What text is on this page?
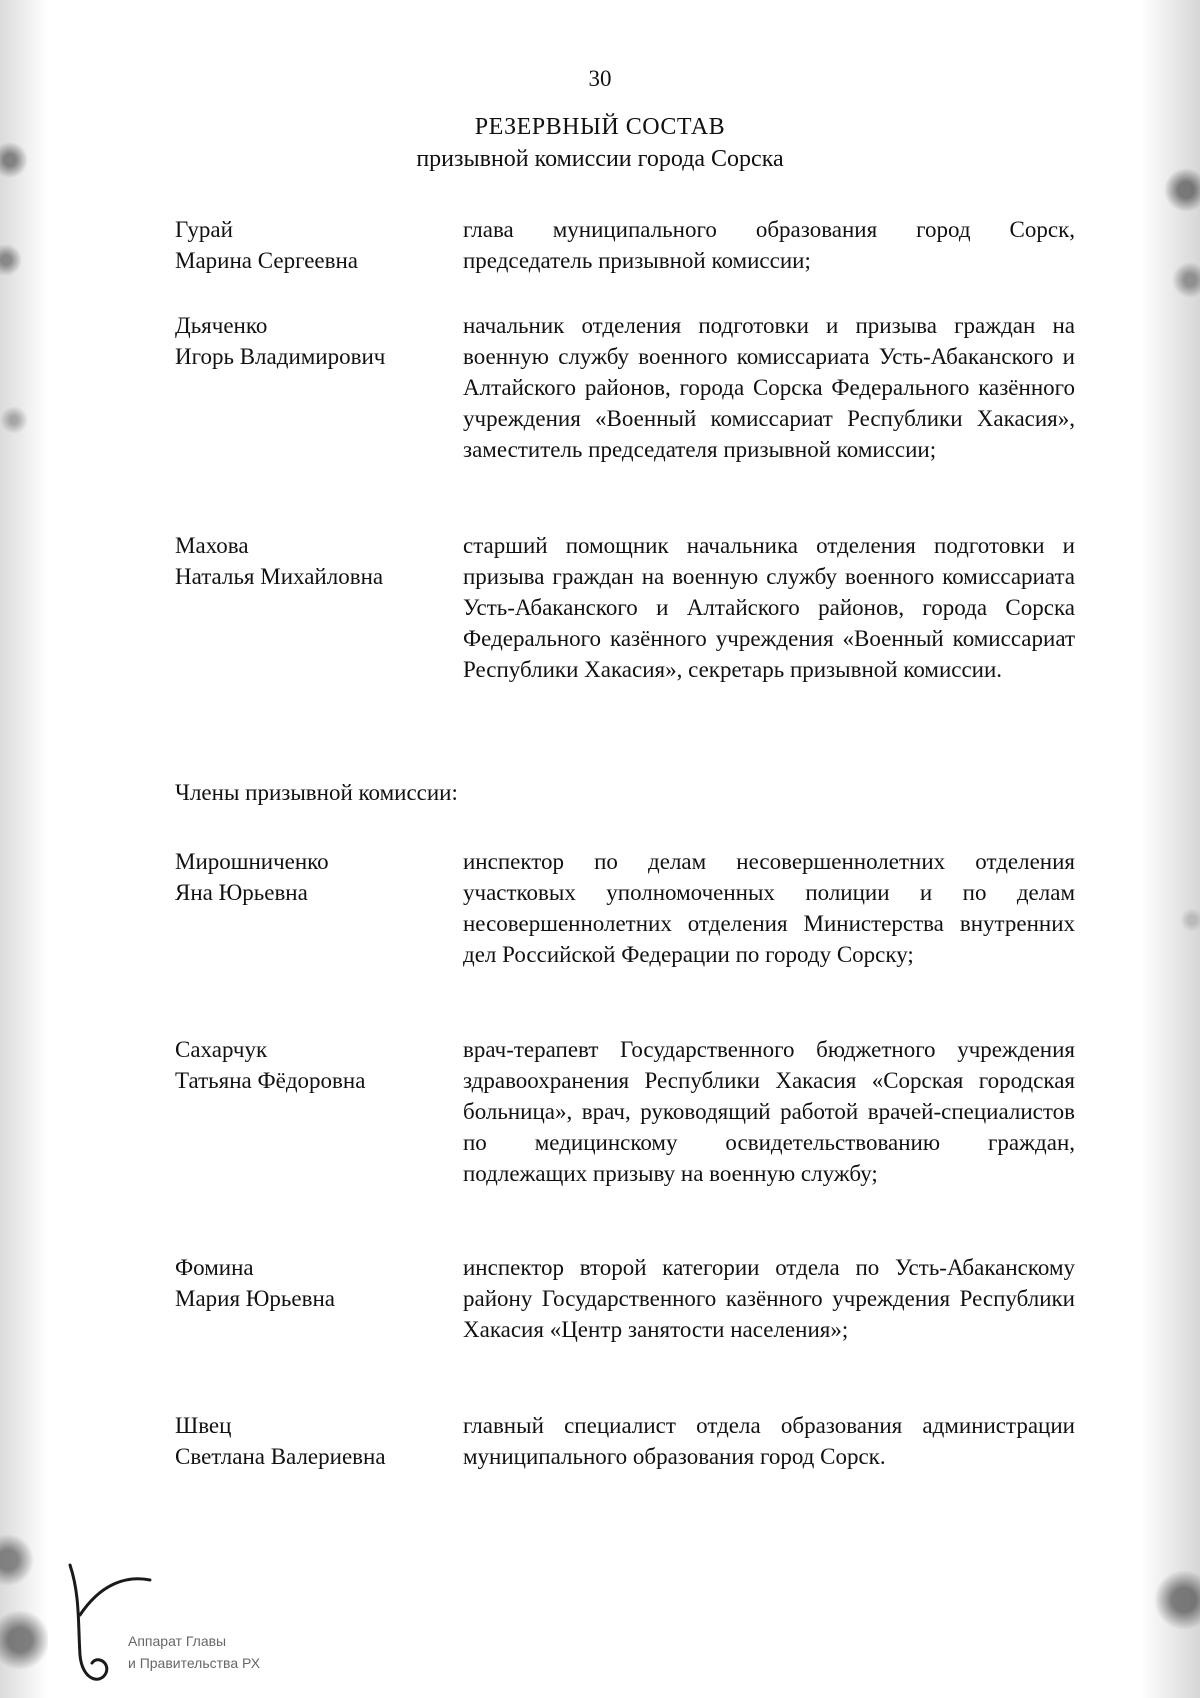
30
РЕЗЕРВНЫЙ СОСТАВ
призывной комиссии города Сорска
Гурай
Марина Сергеевна
глава муниципального образования город Сорск, председатель призывной комиссии;
Дьяченко
Игорь Владимирович
начальник отделения подготовки и призыва граждан на военную службу военного комиссариата Усть-Абаканского и Алтайского районов, города Сорска Федерального казённого учреждения «Военный комиссариат Республики Хакасия», заместитель председателя призывной комиссии;
Махова
Наталья Михайловна
старший помощник начальника отделения подготовки и призыва граждан на военную службу военного комиссариата Усть-Абаканского и Алтайского районов, города Сорска Федерального казённого учреждения «Военный комиссариат Республики Хакасия», секретарь призывной комиссии.
Члены призывной комиссии:
Мирошниченко
Яна Юрьевна
инспектор по делам несовершеннолетних отделения участковых уполномоченных полиции и по делам несовершеннолетних отделения Министерства внутренних дел Российской Федерации по городу Сорску;
Сахарчук
Татьяна Фёдоровна
врач-терапевт Государственного бюджетного учреждения здравоохранения Республики Хакасия «Сорская городская больница», врач, руководящий работой врачей-специалистов по медицинскому освидетельствованию граждан, подлежащих призыву на военную службу;
Фомина
Мария Юрьевна
инспектор второй категории отдела по Усть-Абаканскому району Государственного казённого учреждения Республики Хакасия «Центр занятости населения»;
Швец
Светлана Валериевна
главный специалист отдела образования администрации муниципального образования город Сорск.
Аппарат Главы
и Правительства РХ
